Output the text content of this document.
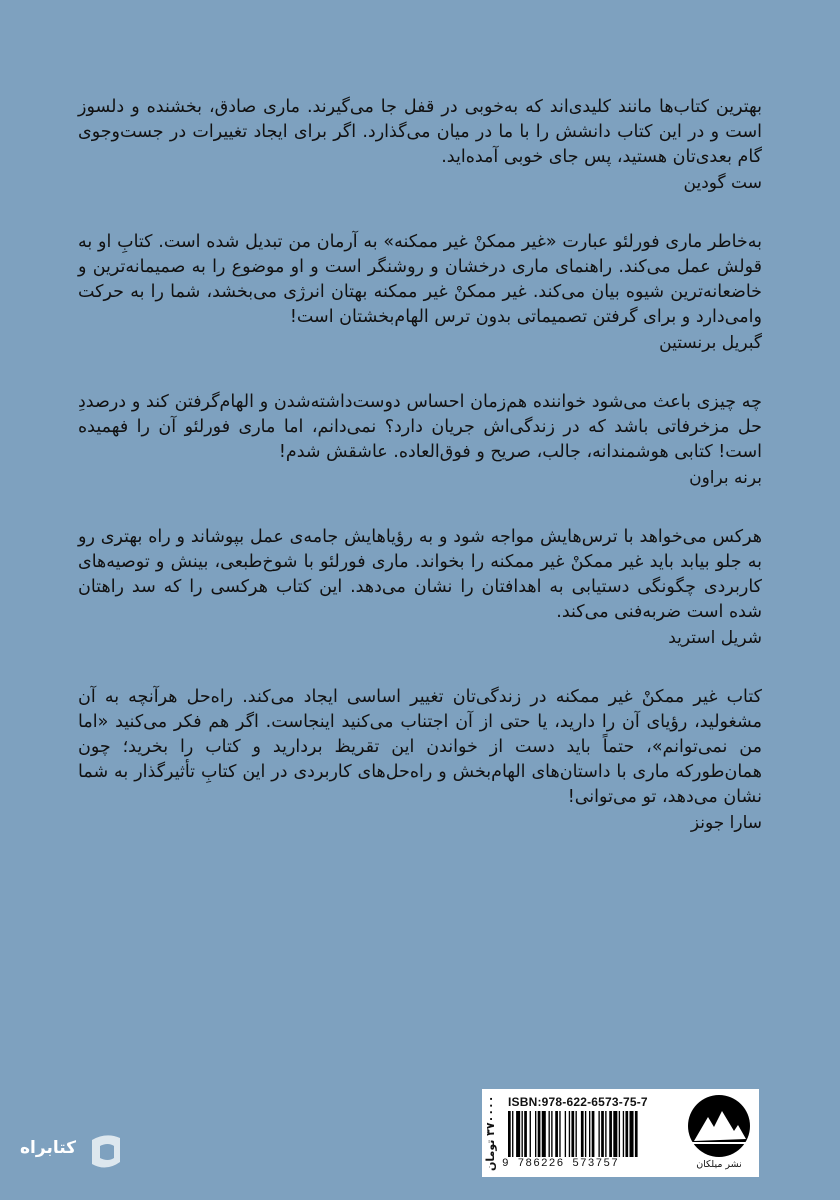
بهترین کتاب‌ها مانند کلیدی‌اند که به‌خوبی در قفل جا می‌گیرند. ماری صادق، بخشنده و دلسوز است و در این کتاب دانشش را با ما در میان می‌گذارد. اگر برای ایجاد تغییرات در جست‌وجوی گام بعدی‌تان هستید، پس جای خوبی آمده‌اید.

ست گودین

به‌خاطر ماری فورلئو عبارت «غیر ممکنْ غیر ممکنه» به آرمان من تبدیل شده است. کتابِ او به قولش عمل می‌کند. راهنمای ماری درخشان و روشنگر است و او موضوع را به صمیمانه‌ترین و خاضعانه‌ترین شیوه بیان می‌کند. غیر ممکنْ غیر ممکنه بهتان انرژی می‌بخشد، شما را به حرکت وامی‌دارد و برای گرفتن تصمیماتی بدون ترس الهام‌بخشتان است!

گبریل برنستین

چه چیزی باعث می‌شود خواننده هم‌زمان احساس دوست‌داشته‌شدن و الهام‌گرفتن کند و درصددِ حل مزخرفاتی باشد که در زندگی‌اش جریان دارد؟ نمی‌دانم، اما ماری فورلئو آن را فهمیده است! کتابی هوشمندانه، جالب، صریح و فوق‌العاده. عاشقش شدم!

برنه براون

هرکس می‌خواهد با ترس‌هایش مواجه شود و به رؤیاهایش جامه‌ی عمل بپوشاند و راه بهتری رو به جلو بیابد باید غیر ممکنْ غیر ممکنه را بخواند. ماری فورلئو با شوخ‌طبعی، بینش و توصیه‌های کاربردی چگونگی دستیابی به اهدافتان را نشان می‌دهد. این کتاب هرکسی را که سد راهتان شده است ضربه‌فنی می‌کند.

شریل استرید

کتاب غیر ممکنْ غیر ممکنه در زندگی‌تان تغییر اساسی ایجاد می‌کند. راه‌حل هرآنچه به آن مشغولید، رؤیای آن را دارید، یا حتی از آن اجتناب می‌کنید اینجاست. اگر هم فکر می‌کنید «اما من نمی‌توانم»، حتماً باید دست از خواندن این تقریظ بردارید و کتاب را بخرید؛ چون همان‌طورکه ماری با داستان‌های الهام‌بخش و راه‌حل‌های کاربردی در این کتابِ تأثیرگذار به شما نشان می‌دهد، تو می‌توانی!

سارا جونز
۳۷۰۰۰۰ تومان ISBN:978-622-6573-75-7
9 786226 573757	نشر میلکان
کتابراه
